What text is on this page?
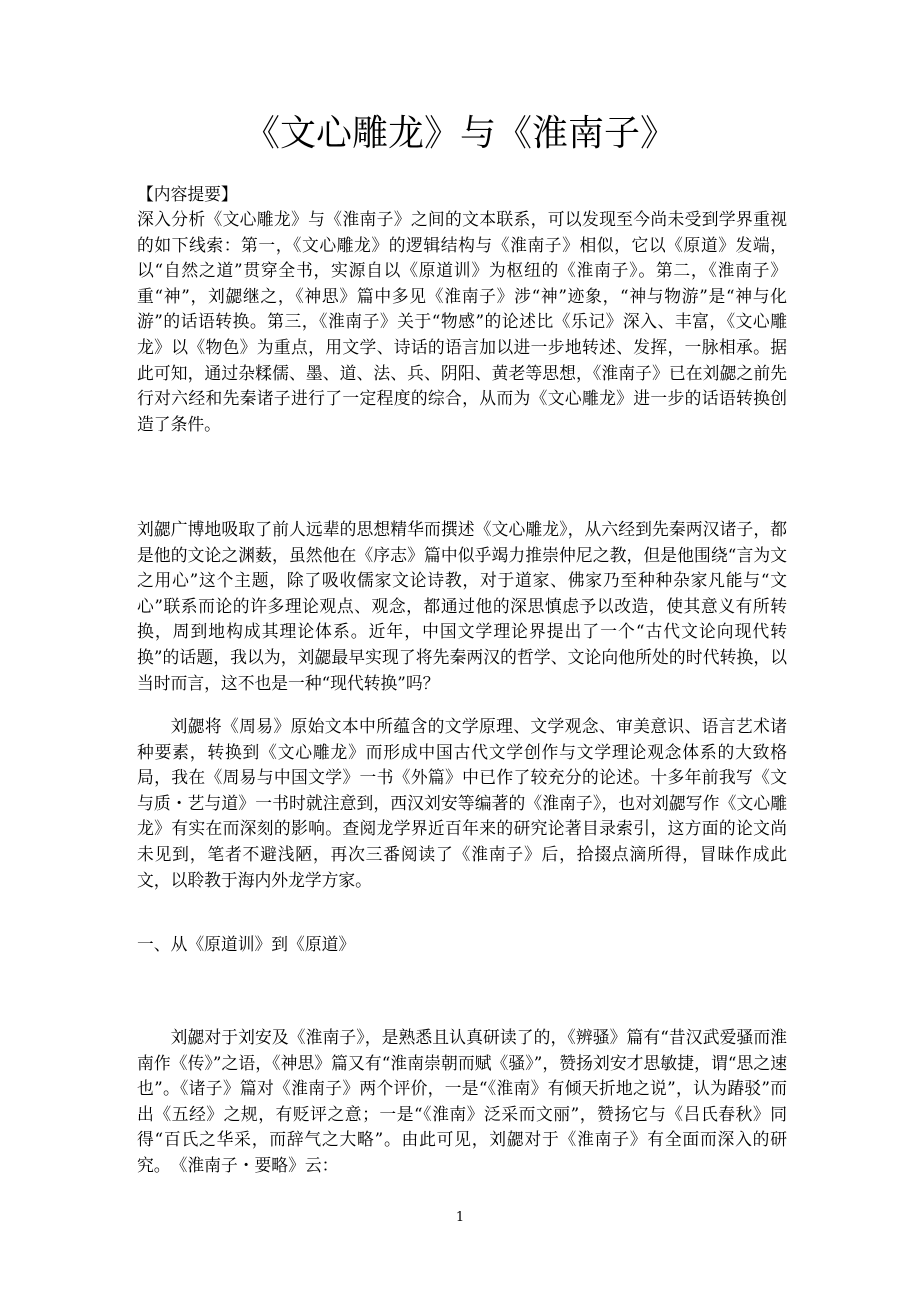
《文心雕龙》与《淮南子》

【内容提要】

深入分析《文心雕龙》与《淮南子》之间的文本联系，可以发现至今尚未受到学界重视的如下线索：第一，《文心雕龙》的逻辑结构与《淮南子》相似，它以《原道》发端，以“自然之道”贯穿全书，实源自以《原道训》为枢纽的《淮南子》。第二，《淮南子》重“神”，刘勰继之，《神思》篇中多见《淮南子》涉“神”迹象，“神与物游”是“神与化游”的话语转换。第三，《淮南子》关于“物感”的论述比《乐记》深入、丰富，《文心雕龙》以《物色》为重点，用文学、诗话的语言加以进一步地转述、发挥，一脉相承。据此可知，通过杂糅儒、墨、道、法、兵、阴阳、黄老等思想，《淮南子》已在刘勰之前先行对六经和先秦诸子进行了一定程度的综合，从而为《文心雕龙》进一步的话语转换创造了条件。

刘勰广博地吸取了前人远辈的思想精华而撰述《文心雕龙》，从六经到先秦两汉诸子，都是他的文论之渊薮，虽然他在《序志》篇中似乎竭力推崇仲尼之教，但是他围绕“言为文之用心”这个主题，除了吸收儒家文论诗教，对于道家、佛家乃至种种杂家凡能与“文心”联系而论的许多理论观点、观念，都通过他的深思慎虑予以改造，使其意义有所转换，周到地构成其理论体系。近年，中国文学理论界提出了一个“古代文论向现代转换”的话题，我以为，刘勰最早实现了将先秦两汉的哲学、文论向他所处的时代转换，以当时而言，这不也是一种“现代转换”吗？

刘勰将《周易》原始文本中所蕴含的文学原理、文学观念、审美意识、语言艺术诸种要素，转换到《文心雕龙》而形成中国古代文学创作与文学理论观念体系的大致格局，我在《周易与中国文学》一书《外篇》中已作了较充分的论述。十多年前我写《文与质・艺与道》一书时就注意到，西汉刘安等编著的《淮南子》，也对刘勰写作《文心雕龙》有实在而深刻的影响。查阅龙学界近百年来的研究论著目录索引，这方面的论文尚未见到，笔者不避浅陋，再次三番阅读了《淮南子》后，拾掇点滴所得，冒昧作成此文，以聆教于海内外龙学方家。

一、从《原道训》到《原道》

刘勰对于刘安及《淮南子》，是熟悉且认真研读了的，《辨骚》篇有“昔汉武爱骚而淮南作《传》”之语，《神思》篇又有“淮南崇朝而赋《骚》”，赞扬刘安才思敏捷，谓“思之速也”。《诸子》篇对《淮南子》两个评价，一是“《淮南》有倾天折地之说”，认为踳驳”而出《五经》之规，有贬评之意；一是“《淮南》泛采而文丽”，赞扬它与《吕氏春秋》同得“百氏之华采，而辞气之大略”。由此可见，刘勰对于《淮南子》有全面而深入的研究。 《淮南子・要略》云：

1
